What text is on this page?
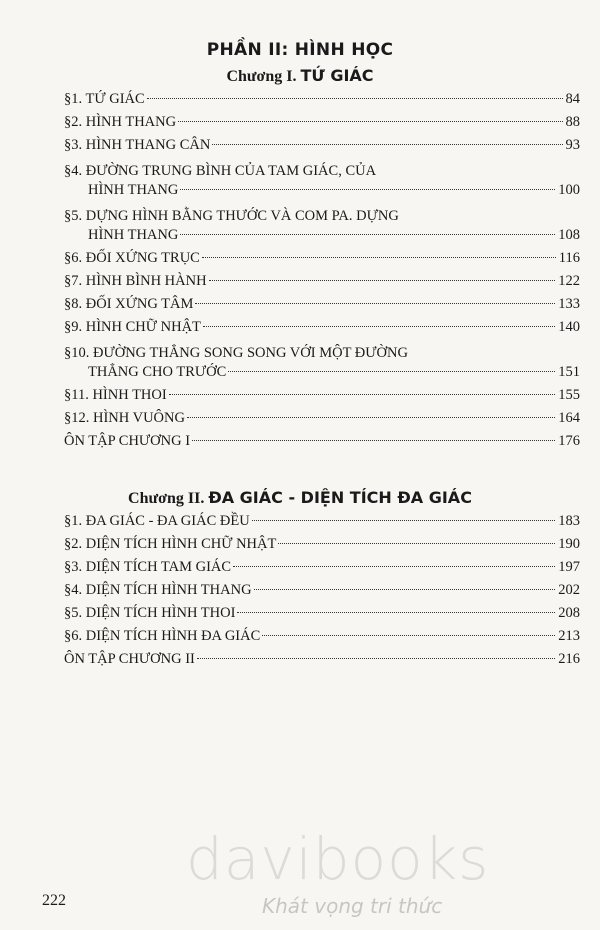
PHẦN II: HÌNH HỌC
Chương I. TỨ GIÁC
§1. TỨ GIÁC	84
§2. HÌNH THANG	88
§3. HÌNH THANG CÂN	93
§4. ĐƯỜNG TRUNG BÌNH CỦA TAM GIÁC, CỦA
HÌNH THANG	100
§5. DỰNG HÌNH BẰNG THƯỚC VÀ COM PA. DỰNG
HÌNH THANG	108
§6. ĐỐI XỨNG TRỤC	116
§7. HÌNH BÌNH HÀNH	122
§8. ĐỐI XỨNG TÂM	133
§9. HÌNH CHỮ NHẬT	140
§10. ĐƯỜNG THẲNG SONG SONG VỚI MỘT ĐƯỜNG
THẲNG CHO TRƯỚC	151
§11. HÌNH THOI	155
§12. HÌNH VUÔNG	164
ÔN TẬP CHƯƠNG I	176
Chương II. ĐA GIÁC - DIỆN TÍCH ĐA GIÁC
§1. ĐA GIÁC - ĐA GIÁC ĐỀU	183
§2. DIỆN TÍCH HÌNH CHỮ NHẬT	190
§3. DIỆN TÍCH TAM GIÁC	197
§4. DIỆN TÍCH HÌNH THANG	202
§5. DIỆN TÍCH HÌNH THOI	208
§6. DIỆN TÍCH HÌNH ĐA GIÁC	213
ÔN TẬP CHƯƠNG II	216
davibooks
Khát vọng tri thức
222
